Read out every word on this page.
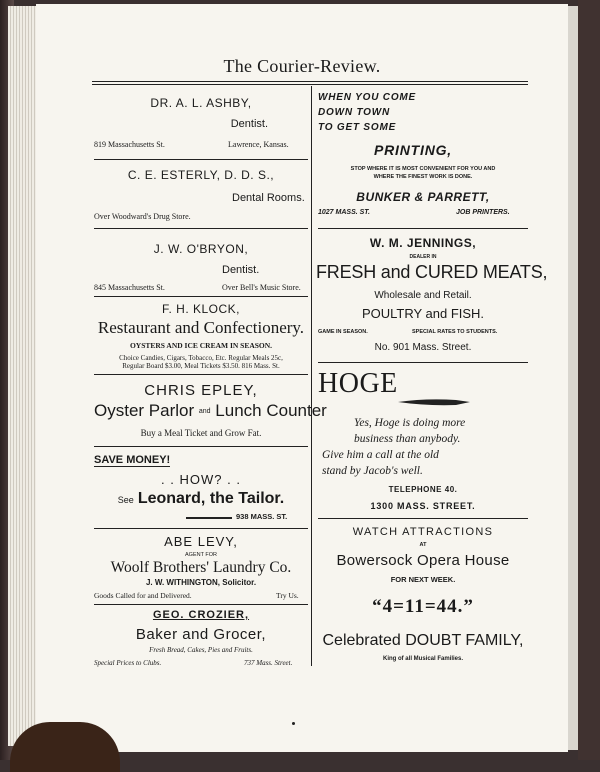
The Courier-Review.
DR. A. L. ASHBY,
Dentist.
819 Massachusetts St.	Lawrence, Kansas.
C. E. ESTERLY, D. D. S.,
Dental Rooms.
Over Woodward's Drug Store.
J. W. O'BRYON,
Dentist.
845 Massachusetts St.	Over Bell's Music Store.
F. H. KLOCK,
Restaurant and Confectionery.
OYSTERS AND ICE CREAM IN SEASON.
Choice Candies, Cigars, Tobacco, Etc. Regular Meals 25c,
Regular Board $3.00, Meal Tickets $3.50. 816 Mass. St.
CHRIS EPLEY,
Oyster Parlor and Lunch Counter
Buy a Meal Ticket and Grow Fat.
SAVE MONEY!
. . HOW? . .
See Leonard, the Tailor.
938 MASS. ST.
ABE LEVY,
AGENT FOR
Woolf Brothers' Laundry Co.
J. W. WITHINGTON, Solicitor.
Goods Called for and Delivered.	Try Us.
GEO. CROZIER,
Baker and Grocer,
Fresh Bread, Cakes, Pies and Fruits.
Special Prices to Clubs.	737 Mass. Street.
WHEN YOU COME
DOWN TOWN
TO GET SOME
PRINTING,
STOP WHERE IT IS MOST CONVENIENT FOR YOU AND
WHERE THE FINEST WORK IS DONE.
BUNKER & PARRETT,
1027 MASS. ST.	JOB PRINTERS.
W. M. JENNINGS,
DEALER IN
FRESH and CURED MEATS,
Wholesale and Retail.
POULTRY and FISH.
GAME IN SEASON.	SPECIAL RATES TO STUDENTS.
No. 901 Mass. Street.
HOGE
Yes, Hoge is doing more
business than anybody.
Give him a call at the old
stand by Jacob's well.
TELEPHONE 40.
1300 MASS. STREET.
WATCH ATTRACTIONS
AT
Bowersock Opera House
FOR NEXT WEEK.
“4=11=44.”
Celebrated DOUBT FAMILY,
King of all Musical Families.
